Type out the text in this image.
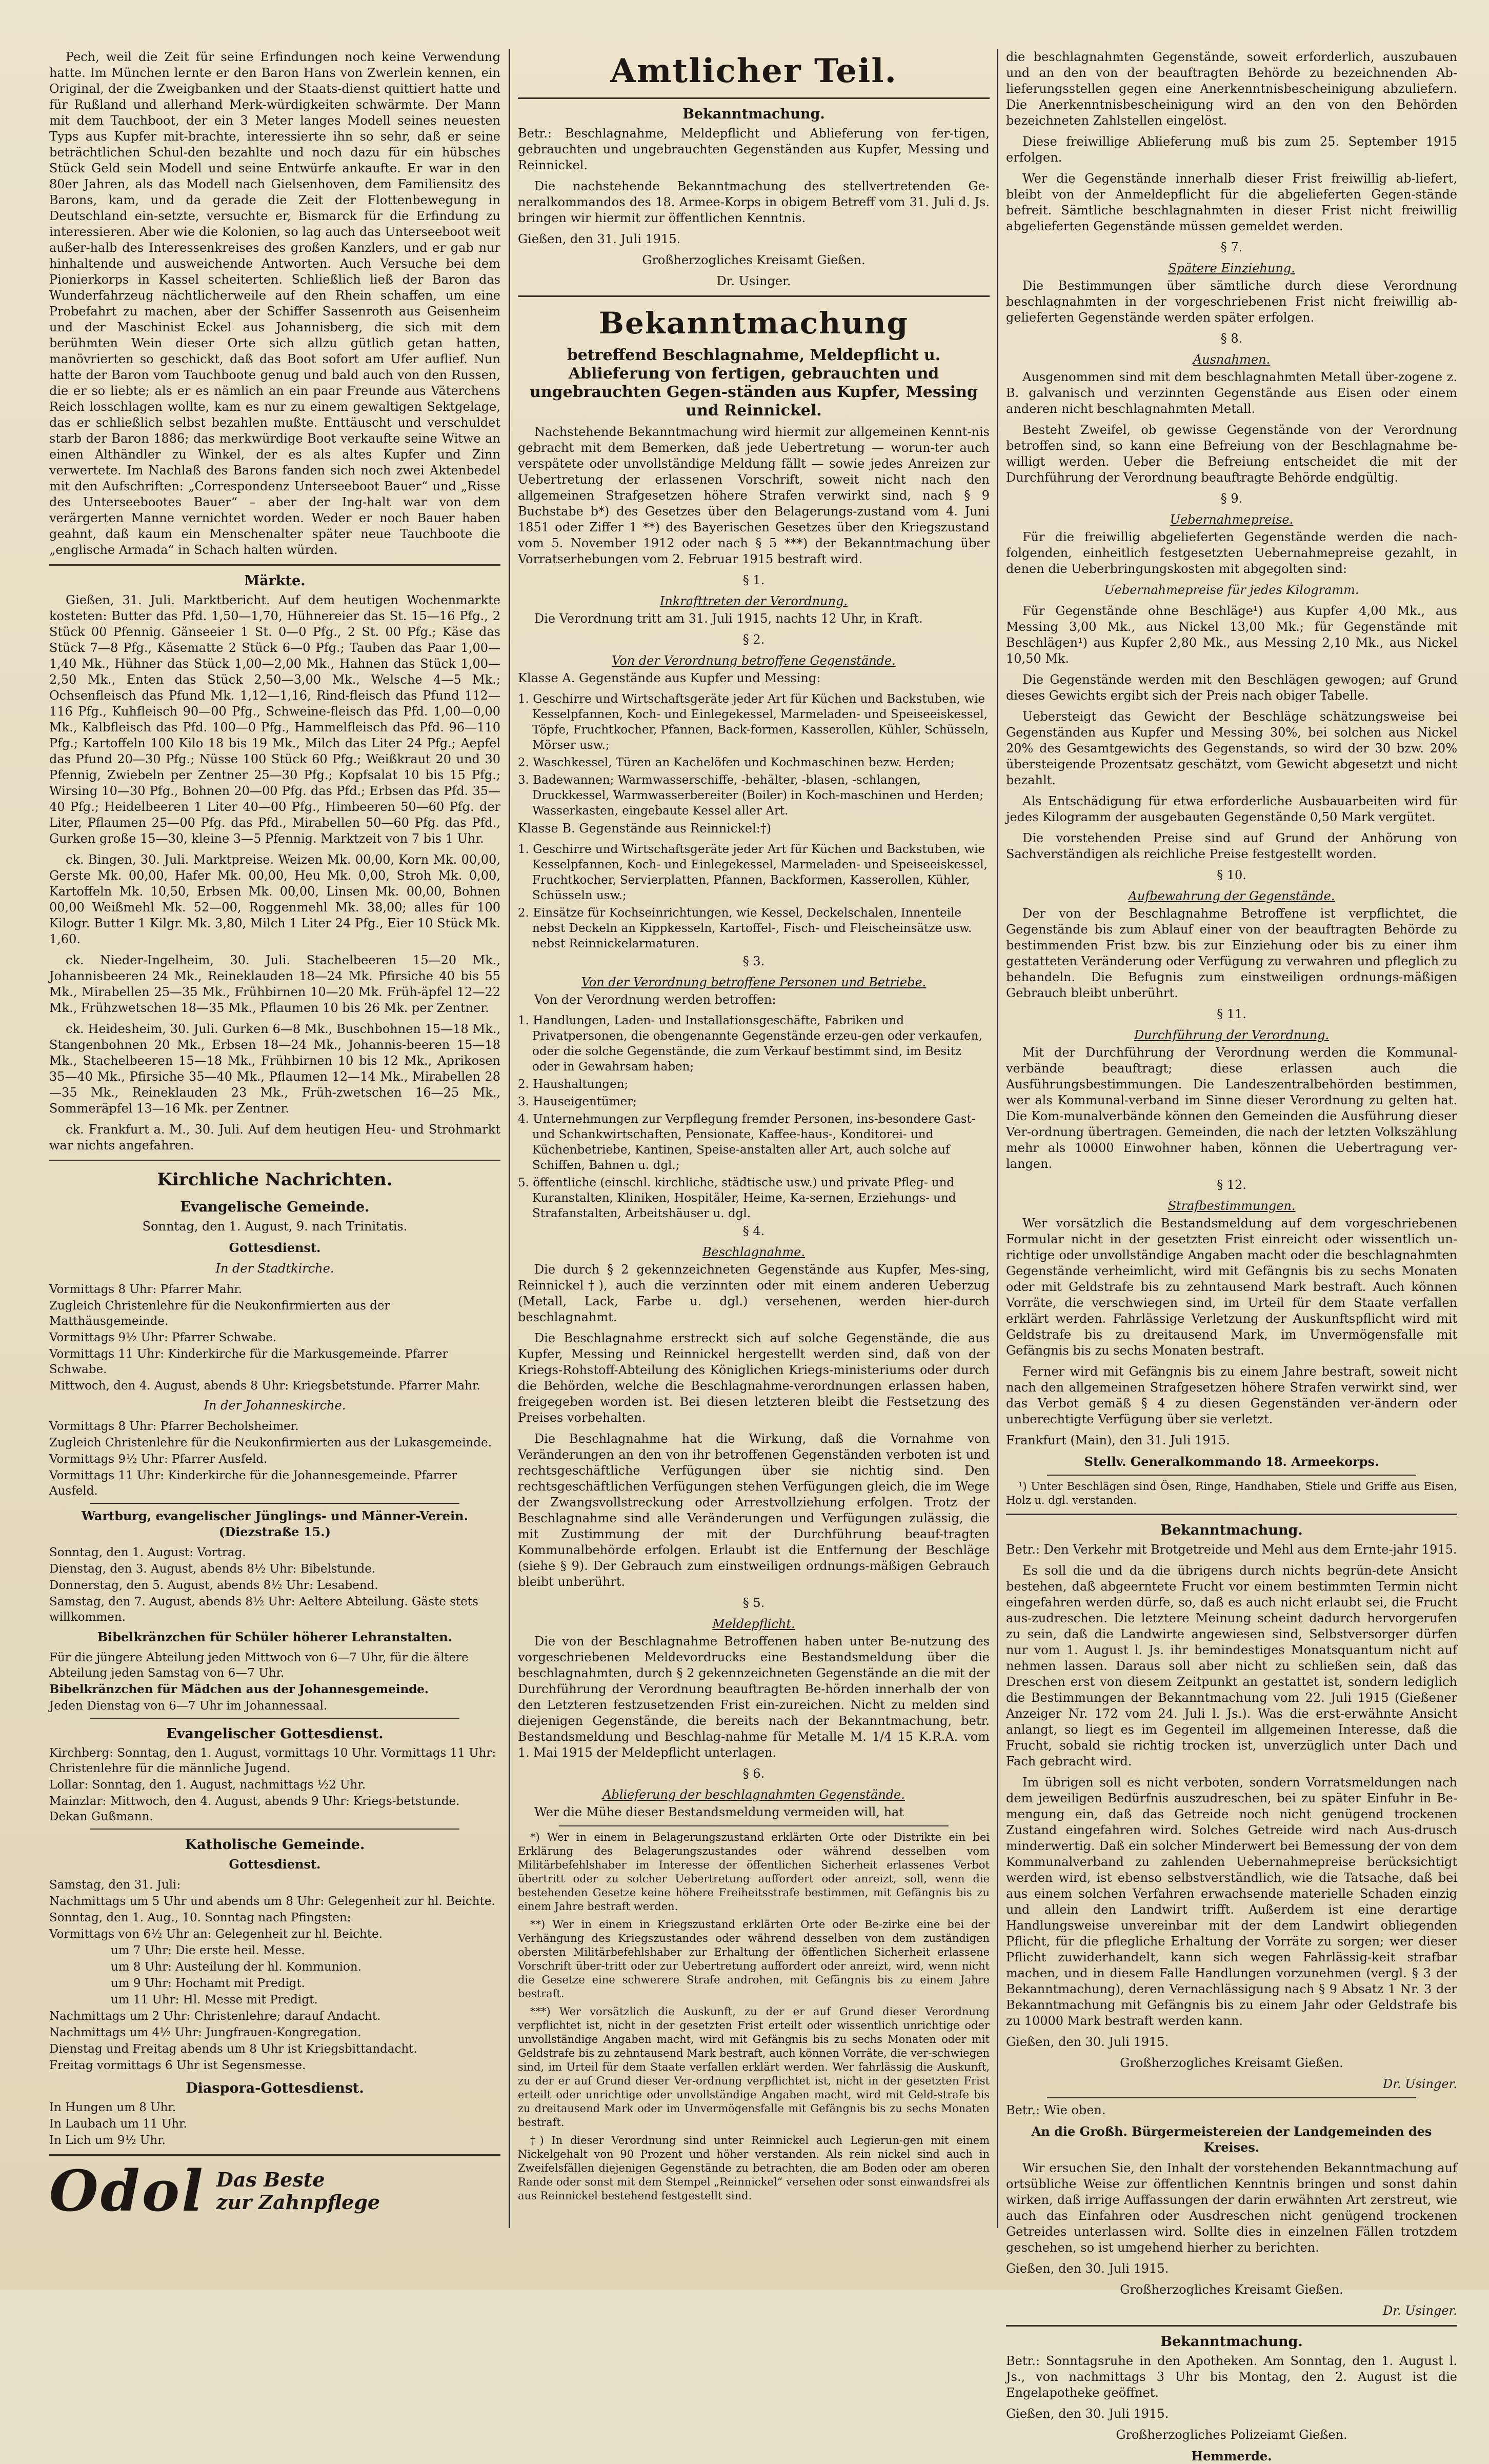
Pech, weil die Zeit für seine Erfindungen noch keine Verwendung hatte. Im München lernte er den Baron Hans von Zwerlein kennen, ein Original, der die Zweigbanken und der Staats-dienst quittiert hatte und für Rußland und allerhand Merk-würdigkeiten schwärmte. Der Mann mit dem Tauchboot, der ein 3 Meter langes Modell seines neuesten Typs aus Kupfer mit-brachte, interessierte ihn so sehr, daß er seine beträchtlichen Schul-den bezahlte und noch dazu für ein hübsches Stück Geld sein Modell und seine Entwürfe ankaufte. Er war in den 80er Jahren, als das Modell nach Gielsenhoven, dem Familiensitz des Barons, kam, und da gerade die Zeit der Flottenbewegung in Deutschland ein-setzte, versuchte er, Bismarck für die Erfindung zu interessieren. Aber wie die Kolonien, so lag auch das Unterseeboot weit außer-halb des Interessenkreises des großen Kanzlers, und er gab nur hinhaltende und ausweichende Antworten. Auch Versuche bei dem Pionierkorps in Kassel scheiterten. Schließlich ließ der Baron das Wunderfahrzeug nächtlicherweile auf den Rhein schaffen, um eine Probefahrt zu machen, aber der Schiffer Sassenroth aus Geisenheim und der Maschinist Eckel aus Johannisberg, die sich mit dem berühmten Wein dieser Orte sich allzu gütlich getan hatten, manövrierten so geschickt, daß das Boot sofort am Ufer auflief. Nun hatte der Baron vom Tauchboote genug und bald auch von den Russen, die er so liebte; als er es nämlich an ein paar Freunde aus Väterchens Reich losschlagen wollte, kam es nur zu einem gewaltigen Sektgelage, das er schließlich selbst bezahlen mußte. Enttäuscht und verschuldet starb der Baron 1886; das merkwürdige Boot verkaufte seine Witwe an einen Althändler zu Winkel, der es als altes Kupfer und Zinn verwertete. Im Nachlaß des Barons fanden sich noch zwei Aktenbedel mit den Aufschriften: „Correspondenz Unterseeboot Bauer“ und „Risse des Unterseebootes Bauer“ – aber der Ing-halt war von dem verärgerten Manne vernichtet worden. Weder er noch Bauer haben geahnt, daß kaum ein Menschenalter später neue Tauchboote die „englische Armada“ in Schach halten würden.

Märkte.

Gießen, 31. Juli. Marktbericht. Auf dem heutigen Wochenmarkte kosteten: Butter das Pfd. 1,50—1,70, Hühnereier das St. 15—16 Pfg., 2 Stück 00 Pfennig. Gänseeier 1 St. 0—0 Pfg., 2 St. 00 Pfg.; Käse das Stück 7—8 Pfg., Käsematte 2 Stück 6—0 Pfg.; Tauben das Paar 1,00—1,40 Mk., Hühner das Stück 1,00—2,00 Mk., Hahnen das Stück 1,00—2,50 Mk., Enten das Stück 2,50—3,00 Mk., Welsche 4—5 Mk.; Ochsenfleisch das Pfund Mk. 1,12—1,16, Rind-fleisch das Pfund 112—116 Pfg., Kuhfleisch 90—00 Pfg., Schweine-fleisch das Pfd. 1,00—0,00 Mk., Kalbfleisch das Pfd. 100—0 Pfg., Hammelfleisch das Pfd. 96—110 Pfg.; Kartoffeln 100 Kilo 18 bis 19 Mk., Milch das Liter 24 Pfg.; Aepfel das Pfund 20—30 Pfg.; Nüsse 100 Stück 60 Pfg.; Weißkraut 20 und 30 Pfennig, Zwiebeln per Zentner 25—30 Pfg.; Kopfsalat 10 bis 15 Pfg.; Wirsing 10—30 Pfg., Bohnen 20—00 Pfg. das Pfd.; Erbsen das Pfd. 35—40 Pfg.; Heidelbeeren 1 Liter 40—00 Pfg., Himbeeren 50—60 Pfg. der Liter, Pflaumen 25—00 Pfg. das Pfd., Mirabellen 50—60 Pfg. das Pfd., Gurken große 15—30, kleine 3—5 Pfennig. Marktzeit von 7 bis 1 Uhr.

ck. Bingen, 30. Juli. Marktpreise. Weizen Mk. 00,00, Korn Mk. 00,00, Gerste Mk. 00,00, Hafer Mk. 00,00, Heu Mk. 0,00, Stroh Mk. 0,00, Kartoffeln Mk. 10,50, Erbsen Mk. 00,00, Linsen Mk. 00,00, Bohnen 00,00 Weißmehl Mk. 52—00, Roggenmehl Mk. 38,00; alles für 100 Kilogr. Butter 1 Kilgr. Mk. 3,80, Milch 1 Liter 24 Pfg., Eier 10 Stück Mk. 1,60.

ck. Nieder-Ingelheim, 30. Juli. Stachelbeeren 15—20 Mk., Johannisbeeren 24 Mk., Reineklauden 18—24 Mk. Pfirsiche 40 bis 55 Mk., Mirabellen 25—35 Mk., Frühbirnen 10—20 Mk. Früh-äpfel 12—22 Mk., Frühzwetschen 18—35 Mk., Pflaumen 10 bis 26 Mk. per Zentner.

ck. Heidesheim, 30. Juli. Gurken 6—8 Mk., Buschbohnen 15—18 Mk., Stangenbohnen 20 Mk., Erbsen 18—24 Mk., Johannis-beeren 15—18 Mk., Stachelbeeren 15—18 Mk., Frühbirnen 10 bis 12 Mk., Aprikosen 35—40 Mk., Pfirsiche 35—40 Mk., Pflaumen 12—14 Mk., Mirabellen 28—35 Mk., Reineklauden 23 Mk., Früh-zwetschen 16—25 Mk., Sommeräpfel 13—16 Mk. per Zentner.

ck. Frankfurt a. M., 30. Juli. Auf dem heutigen Heu- und Strohmarkt war nichts angefahren.

Kirchliche Nachrichten.
Evangelische Gemeinde.

Sonntag, den 1. August, 9. nach Trinitatis.

Gottesdienst.

In der Stadtkirche.

Vormittags 8 Uhr: Pfarrer Mahr.
Zugleich Christenlehre für die Neukonfirmierten aus der Matthäusgemeinde.
Vormittags 9½ Uhr: Pfarrer Schwabe.
Vormittags 11 Uhr: Kinderkirche für die Markusgemeinde. Pfarrer Schwabe.
Mittwoch, den 4. August, abends 8 Uhr: Kriegsbetstunde. Pfarrer Mahr.

In der Johanneskirche.

Vormittags 8 Uhr: Pfarrer Becholsheimer.
Zugleich Christenlehre für die Neukonfirmierten aus der Lukasgemeinde.
Vormittags 9½ Uhr: Pfarrer Ausfeld.
Vormittags 11 Uhr: Kinderkirche für die Johannesgemeinde. Pfarrer Ausfeld.

Wartburg, evangelischer Jünglings- und Männer-Verein. (Diezstraße 15.)

Sonntag, den 1. August: Vortrag.
Dienstag, den 3. August, abends 8½ Uhr: Bibelstunde.
Donnerstag, den 5. August, abends 8½ Uhr: Lesabend.
Samstag, den 7. August, abends 8½ Uhr: Aeltere Abteilung. Gäste stets willkommen.

Bibelkränzchen für Schüler höherer Lehranstalten.

Für die jüngere Abteilung jeden Mittwoch von 6—7 Uhr, für die ältere Abteilung jeden Samstag von 6—7 Uhr.
Bibelkränzchen für Mädchen aus der Johannesgemeinde.
Jeden Dienstag von 6—7 Uhr im Johannessaal.
Evangelischer Gottesdienst.
Kirchberg: Sonntag, den 1. August, vormittags 10 Uhr. Vormittags 11 Uhr: Christenlehre für die männliche Jugend.
Lollar: Sonntag, den 1. August, nachmittags ½2 Uhr.
Mainzlar: Mittwoch, den 4. August, abends 9 Uhr: Kriegs-betstunde. Dekan Gußmann.
Katholische Gemeinde.

Gottesdienst.

Samstag, den 31. Juli:
Nachmittags um 5 Uhr und abends um 8 Uhr: Gelegenheit zur hl. Beichte.
Sonntag, den 1. Aug., 10. Sonntag nach Pfingsten:
Vormittags von 6½ Uhr an: Gelegenheit zur hl. Beichte.
um 7 Uhr: Die erste heil. Messe.
um 8 Uhr: Austeilung der hl. Kommunion.
um 9 Uhr: Hochamt mit Predigt.
um 11 Uhr: Hl. Messe mit Predigt.
Nachmittags um 2 Uhr: Christenlehre; darauf Andacht.
Nachmittags um 4½ Uhr: Jungfrauen-Kongregation.
Dienstag und Freitag abends um 8 Uhr ist Kriegsbittandacht.
Freitag vormittags 6 Uhr ist Segensmesse.
Diaspora-Gottesdienst.
In Hungen um 8 Uhr.
In Laubach um 11 Uhr.
In Lich um 9½ Uhr.
Odol Das Beste
zur Zahnpflege
Amtlicher Teil.
Bekanntmachung.

Betr.: Beschlagnahme, Meldepflicht und Ablieferung von fer-tigen, gebrauchten und ungebrauchten Gegenständen aus Kupfer, Messing und Reinnickel.

Die nachstehende Bekanntmachung des stellvertretenden Ge-neralkommandos des 18. Armee-Korps in obigem Betreff vom 31. Juli d. Js. bringen wir hiermit zur öffentlichen Kenntnis.

Gießen, den 31. Juli 1915.

Großherzogliches Kreisamt Gießen.

Dr. Usinger.

Bekanntmachung
betreffend Beschlagnahme, Meldepflicht u. Ablieferung von fertigen, gebrauchten und ungebrauchten Gegen-ständen aus Kupfer, Messing und Reinnickel.

Nachstehende Bekanntmachung wird hiermit zur allgemeinen Kennt-nis gebracht mit dem Bemerken, daß jede Uebertretung — worun-ter auch verspätete oder unvollständige Meldung fällt — sowie jedes Anreizen zur Uebertretung der erlassenen Vorschrift, soweit nicht nach den allgemeinen Strafgesetzen höhere Strafen verwirkt sind, nach § 9 Buchstabe b*) des Gesetzes über den Belagerungs-zustand vom 4. Juni 1851 oder Ziffer 1 **) des Bayerischen Gesetzes über den Kriegszustand vom 5. November 1912 oder nach § 5 ***) der Bekanntmachung über Vorratserhebungen vom 2. Februar 1915 bestraft wird.

§ 1.

Inkrafttreten der Verordnung.

Die Verordnung tritt am 31. Juli 1915, nachts 12 Uhr, in Kraft.

§ 2.

Von der Verordnung betroffene Gegenstände.

Klasse A. Gegenstände aus Kupfer und Messing:

1. Geschirre und Wirtschaftsgeräte jeder Art für Küchen und Backstuben, wie Kesselpfannen, Koch- und Einlegekessel, Marmeladen- und Speiseeiskessel, Töpfe, Fruchtkocher, Pfannen, Back-formen, Kasserollen, Kühler, Schüsseln, Mörser usw.;
2. Waschkessel, Türen an Kachelöfen und Kochmaschinen bezw. Herden;
3. Badewannen; Warmwasserschiffe, -behälter, -blasen, -schlangen, Druckkessel, Warmwasserbereiter (Boiler) in Koch-maschinen und Herden; Wasserkasten, eingebaute Kessel aller Art.

Klasse B. Gegenstände aus Reinnickel:†)

1. Geschirre und Wirtschaftsgeräte jeder Art für Küchen und Backstuben, wie Kesselpfannen, Koch- und Einlegekessel, Marmeladen- und Speiseeiskessel, Fruchtkocher, Servierplatten, Pfannen, Backformen, Kasserollen, Kühler, Schüsseln usw.;
2. Einsätze für Kochseinrichtungen, wie Kessel, Deckelschalen, Innenteile nebst Deckeln an Kippkesseln, Kartoffel-, Fisch- und Fleischeinsätze usw. nebst Reinnickelarmaturen.

§ 3.

Von der Verordnung betroffene Personen und Betriebe.

Von der Verordnung werden betroffen:

1. Handlungen, Laden- und Installationsgeschäfte, Fabriken und Privatpersonen, die obengenannte Gegenstände erzeu-gen oder verkaufen, oder die solche Gegenstände, die zum Verkauf bestimmt sind, im Besitz oder in Gewahrsam haben;
2. Haushaltungen;
3. Hauseigentümer;
4. Unternehmungen zur Verpflegung fremder Personen, ins-besondere Gast- und Schankwirtschaften, Pensionate, Kaffee-haus-, Konditorei- und Küchenbetriebe, Kantinen, Speise-anstalten aller Art, auch solche auf Schiffen, Bahnen u. dgl.;
5. öffentliche (einschl. kirchliche, städtische usw.) und private Pfleg- und Kuranstalten, Kliniken, Hospitäler, Heime, Ka-sernen, Erziehungs- und Strafanstalten, Arbeitshäuser u. dgl.

§ 4.

Beschlagnahme.

Die durch § 2 gekennzeichneten Gegenstände aus Kupfer, Mes-sing, Reinnickel†), auch die verzinnten oder mit einem anderen Ueberzug (Metall, Lack, Farbe u. dgl.) versehenen, werden hier-durch beschlagnahmt.

Die Beschlagnahme erstreckt sich auf solche Gegenstände, die aus Kupfer, Messing und Reinnickel hergestellt werden sind, daß von der Kriegs-Rohstoff-Abteilung des Königlichen Kriegs-ministeriums oder durch die Behörden, welche die Beschlagnahme-verordnungen erlassen haben, freigegeben worden ist. Bei diesen letzteren bleibt die Festsetzung des Preises vorbehalten.

Die Beschlagnahme hat die Wirkung, daß die Vornahme von Veränderungen an den von ihr betroffenen Gegenständen verboten ist und rechtsgeschäftliche Verfügungen über sie nichtig sind. Den rechtsgeschäftlichen Verfügungen stehen Verfügungen gleich, die im Wege der Zwangsvollstreckung oder Arrestvollziehung erfolgen. Trotz der Beschlagnahme sind alle Veränderungen und Verfügungen zulässig, die mit Zustimmung der mit der Durchführung beauf-tragten Kommunalbehörde erfolgen. Erlaubt ist die Entfernung der Beschläge (siehe § 9). Der Gebrauch zum einstweiligen ordnungs-mäßigen Gebrauch bleibt unberührt.

§ 5.

Meldepflicht.

Die von der Beschlagnahme Betroffenen haben unter Be-nutzung des vorgeschriebenen Meldevordrucks eine Bestandsmeldung über die beschlagnahmten, durch § 2 gekennzeichneten Gegenstände an die mit der Durchführung der Verordnung beauftragten Be-hörden innerhalb der von den Letzteren festzusetzenden Frist ein-zureichen. Nicht zu melden sind diejenigen Gegenstände, die bereits nach der Bekanntmachung, betr. Bestandsmeldung und Beschlag-nahme für Metalle M. 1/4 15 K.R.A. vom 1. Mai 1915 der Meldepflicht unterlagen.

§ 6.

Ablieferung der beschlagnahmten Gegenstände.

Wer die Mühe dieser Bestandsmeldung vermeiden will, hat

*) Wer in einem in Belagerungszustand erklärten Orte oder Distrikte ein bei Erklärung des Belagerungszustandes oder während desselben vom Militärbefehlshaber im Interesse der öffentlichen Sicherheit erlassenes Verbot übertritt oder zu solcher Uebertretung auffordert oder anreizt, soll, wenn die bestehenden Gesetze keine höhere Freiheitsstrafe bestimmen, mit Gefängnis bis zu einem Jahre bestraft werden.
**) Wer in einem in Kriegszustand erklärten Orte oder Be-zirke eine bei der Verhängung des Kriegszustandes oder während desselben von dem zuständigen obersten Militärbefehlshaber zur Erhaltung der öffentlichen Sicherheit erlassene Vorschrift über-tritt oder zur Uebertretung auffordert oder anreizt, wird, wenn nicht die Gesetze eine schwerere Strafe androhen, mit Gefängnis bis zu einem Jahre bestraft.
***) Wer vorsätzlich die Auskunft, zu der er auf Grund dieser Verordnung verpflichtet ist, nicht in der gesetzten Frist erteilt oder wissentlich unrichtige oder unvollständige Angaben macht, wird mit Gefängnis bis zu sechs Monaten oder mit Geldstrafe bis zu zehntausend Mark bestraft, auch können Vorräte, die ver-schwiegen sind, im Urteil für dem Staate verfallen erklärt werden. Wer fahrlässig die Auskunft, zu der er auf Grund dieser Ver-ordnung verpflichtet ist, nicht in der gesetzten Frist erteilt oder unrichtige oder unvollständige Angaben macht, wird mit Geld-strafe bis zu dreitausend Mark oder im Unvermögensfalle mit Gefängnis bis zu sechs Monaten bestraft.
†) In dieser Verordnung sind unter Reinnickel auch Legierun-gen mit einem Nickelgehalt von 90 Prozent und höher verstanden. Als rein nickel sind auch in Zweifelsfällen diejenigen Gegenstände zu betrachten, die am Boden oder am oberen Rande oder sonst mit dem Stempel „Reinnickel“ versehen oder sonst einwandsfrei als aus Reinnickel bestehend festgestellt sind.

die beschlagnahmten Gegenstände, soweit erforderlich, auszubauen und an den von der beauftragten Behörde zu bezeichnenden Ab-lieferungsstellen gegen eine Anerkenntnisbescheinigung abzuliefern. Die Anerkenntnisbescheinigung wird an den von den Behörden bezeichneten Zahlstellen eingelöst.

Diese freiwillige Ablieferung muß bis zum 25. September 1915 erfolgen.

Wer die Gegenstände innerhalb dieser Frist freiwillig ab-liefert, bleibt von der Anmeldepflicht für die abgelieferten Gegen-stände befreit. Sämtliche beschlagnahmten in dieser Frist nicht freiwillig abgelieferten Gegenstände müssen gemeldet werden.

§ 7.

Spätere Einziehung.

Die Bestimmungen über sämtliche durch diese Verordnung beschlagnahmten in der vorgeschriebenen Frist nicht freiwillig ab-gelieferten Gegenstände werden später erfolgen.

§ 8.

Ausnahmen.

Ausgenommen sind mit dem beschlagnahmten Metall über-zogene z. B. galvanisch und verzinnten Gegenstände aus Eisen oder einem anderen nicht beschlagnahmten Metall.

Besteht Zweifel, ob gewisse Gegenstände von der Verordnung betroffen sind, so kann eine Befreiung von der Beschlagnahme be-willigt werden. Ueber die Befreiung entscheidet die mit der Durchführung der Verordnung beauftragte Behörde endgültig.

§ 9.

Uebernahmepreise.

Für die freiwillig abgelieferten Gegenstände werden die nach-folgenden, einheitlich festgesetzten Uebernahmepreise gezahlt, in denen die Ueberbringungskosten mit abgegolten sind:

Uebernahmepreise für jedes Kilogramm.

Für Gegenstände ohne Beschläge¹) aus Kupfer 4,00 Mk., aus Messing 3,00 Mk., aus Nickel 13,00 Mk.; für Gegenstände mit Beschlägen¹) aus Kupfer 2,80 Mk., aus Messing 2,10 Mk., aus Nickel 10,50 Mk.

Die Gegenstände werden mit den Beschlägen gewogen; auf Grund dieses Gewichts ergibt sich der Preis nach obiger Tabelle.

Uebersteigt das Gewicht der Beschläge schätzungsweise bei Gegenständen aus Kupfer und Messing 30%, bei solchen aus Nickel 20% des Gesamtgewichts des Gegenstands, so wird der 30 bzw. 20% übersteigende Prozentsatz geschätzt, vom Gewicht abgesetzt und nicht bezahlt.

Als Entschädigung für etwa erforderliche Ausbauarbeiten wird für jedes Kilogramm der ausgebauten Gegenstände 0,50 Mark vergütet.

Die vorstehenden Preise sind auf Grund der Anhörung von Sachverständigen als reichliche Preise festgestellt worden.

§ 10.

Aufbewahrung der Gegenstände.

Der von der Beschlagnahme Betroffene ist verpflichtet, die Gegenstände bis zum Ablauf einer von der beauftragten Behörde zu bestimmenden Frist bzw. bis zur Einziehung oder bis zu einer ihm gestatteten Veränderung oder Verfügung zu verwahren und pfleglich zu behandeln. Die Befugnis zum einstweiligen ordnungs-mäßigen Gebrauch bleibt unberührt.

§ 11.

Durchführung der Verordnung.

Mit der Durchführung der Verordnung werden die Kommunal-verbände beauftragt; diese erlassen auch die Ausführungsbestimmungen. Die Landeszentralbehörden bestimmen, wer als Kommunal-verband im Sinne dieser Verordnung zu gelten hat. Die Kom-munalverbände können den Gemeinden die Ausführung dieser Ver-ordnung übertragen. Gemeinden, die nach der letzten Volkszählung mehr als 10000 Einwohner haben, können die Uebertragung ver-langen.

§ 12.

Strafbestimmungen.

Wer vorsätzlich die Bestandsmeldung auf dem vorgeschriebenen Formular nicht in der gesetzten Frist einreicht oder wissentlich un-richtige oder unvollständige Angaben macht oder die beschlagnahmten Gegenstände verheimlicht, wird mit Gefängnis bis zu sechs Monaten oder mit Geldstrafe bis zu zehntausend Mark bestraft. Auch können Vorräte, die verschwiegen sind, im Urteil für dem Staate verfallen erklärt werden. Fahrlässige Verletzung der Auskunftspflicht wird mit Geldstrafe bis zu dreitausend Mark, im Unvermögensfalle mit Gefängnis bis zu sechs Monaten bestraft.

Ferner wird mit Gefängnis bis zu einem Jahre bestraft, soweit nicht nach den allgemeinen Strafgesetzen höhere Strafen verwirkt sind, wer das Verbot gemäß § 4 zu diesen Gegenständen ver-ändern oder unberechtigte Verfügung über sie verletzt.

Frankfurt (Main), den 31. Juli 1915.

Stellv. Generalkommando 18. Armeekorps.

¹) Unter Beschlägen sind Ösen, Ringe, Handhaben, Stiele und Griffe aus Eisen, Holz u. dgl. verstanden.
Bekanntmachung.

Betr.: Den Verkehr mit Brotgetreide und Mehl aus dem Ernte-jahr 1915.

Es soll die und da die übrigens durch nichts begrün-dete Ansicht bestehen, daß abgeerntete Frucht vor einem bestimmten Termin nicht eingefahren werden dürfe, so, daß es auch nicht erlaubt sei, die Frucht aus-zudreschen. Die letztere Meinung scheint dadurch hervorgerufen zu sein, daß die Landwirte angewiesen sind, Selbstversorger dürfen nur vom 1. August l. Js. ihr bemindestiges Monatsquantum nicht auf nehmen lassen. Daraus soll aber nicht zu schließen sein, daß das Dreschen erst von diesem Zeitpunkt an gestattet ist, sondern lediglich die Bestimmungen der Bekanntmachung vom 22. Juli 1915 (Gießener Anzeiger Nr. 172 vom 24. Juli l. Js.). Was die erst-erwähnte Ansicht anlangt, so liegt es im Gegenteil im allgemeinen Interesse, daß die Frucht, sobald sie richtig trocken ist, unverzüglich unter Dach und Fach gebracht wird.

Im übrigen soll es nicht verboten, sondern Vorratsmeldungen nach dem jeweiligen Bedürfnis auszudreschen, bei zu später Einfuhr in Be-mengung ein, daß das Getreide noch nicht genügend trockenen Zustand eingefahren wird. Solches Getreide wird nach Aus-drusch minderwertig. Daß ein solcher Minderwert bei Bemessung der von dem Kommunalverband zu zahlenden Uebernahmepreise berücksichtigt werden wird, ist ebenso selbstverständlich, wie die Tatsache, daß bei aus einem solchen Verfahren erwachsende materielle Schaden einzig und allein den Landwirt trifft. Außerdem ist eine derartige Handlungsweise unvereinbar mit der dem Landwirt obliegenden Pflicht, für die pflegliche Erhaltung der Vorräte zu sorgen; wer dieser Pflicht zuwiderhandelt, kann sich wegen Fahrlässig-keit strafbar machen, und in diesem Falle Handlungen vorzunehmen (vergl. § 3 der Bekanntmachung), deren Vernachlässigung nach § 9 Absatz 1 Nr. 3 der Bekanntmachung mit Gefängnis bis zu einem Jahr oder Geldstrafe bis zu 10000 Mark bestraft werden kann.

Gießen, den 30. Juli 1915.

Großherzogliches Kreisamt Gießen.

Dr. Usinger.

Betr.: Wie oben.

An die Großh. Bürgermeistereien der Landgemeinden des Kreises.

Wir ersuchen Sie, den Inhalt der vorstehenden Bekanntmachung auf ortsübliche Weise zur öffentlichen Kenntnis bringen und sonst dahin wirken, daß irrige Auffassungen der darin erwähnten Art zerstreut, wie auch das Einfahren oder Ausdreschen nicht genügend trockenen Getreides unterlassen wird. Sollte dies in einzelnen Fällen trotzdem geschehen, so ist umgehend hierher zu berichten.

Gießen, den 30. Juli 1915.

Großherzogliches Kreisamt Gießen.

Dr. Usinger.

Bekanntmachung.

Betr.: Sonntagsruhe in den Apotheken. Am Sonntag, den 1. August l. Js., von nachmittags 3 Uhr bis Montag, den 2. August ist die Engelapotheke geöffnet.

Gießen, den 30. Juli 1915.

Großherzogliches Polizeiamt Gießen.

Hemmerde.
